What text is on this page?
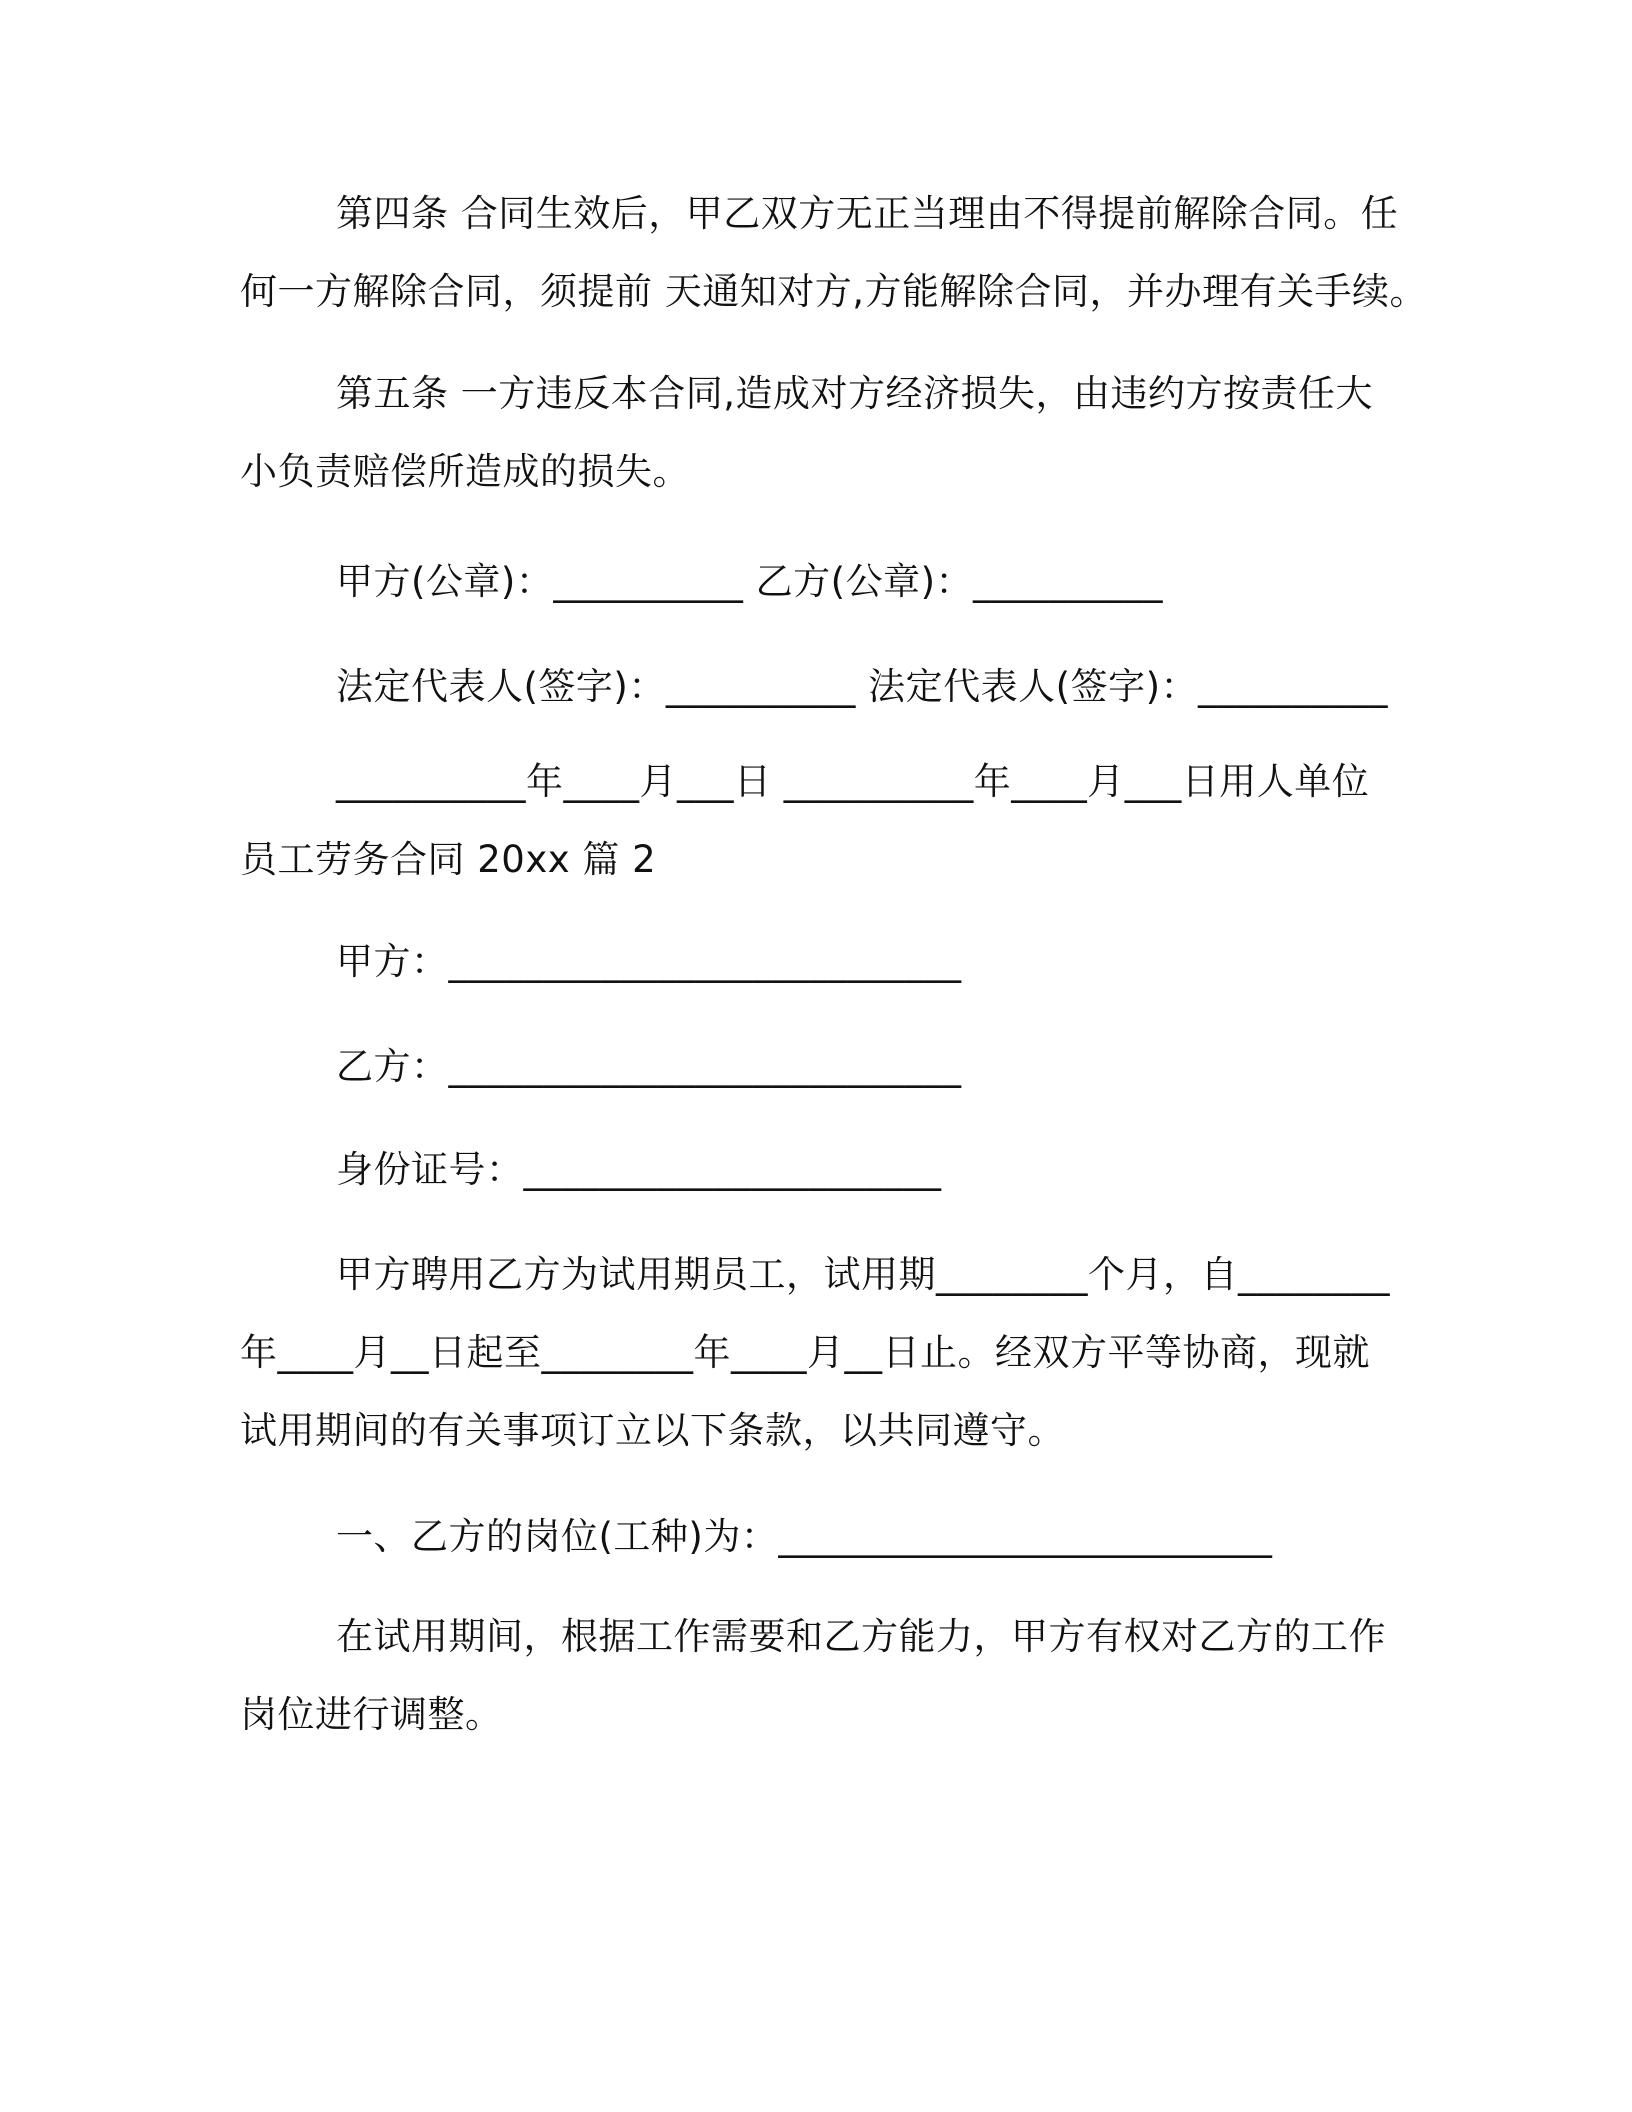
第四条 合同生效后，甲乙双方无正当理由不得提前解除合同。任
何一方解除合同，须提前 天通知对方,方能解除合同，并办理有关手续。
第五条 一方违反本合同,造成对方经济损失，由违约方按责任大
小负责赔偿所造成的损失。
甲方(公章)：__________ 乙方(公章)：__________
法定代表人(签字)：__________ 法定代表人(签字)：__________
__________年____月___日 __________年____月___日用人单位
员工劳务合同 20xx 篇 2
甲方：___________________________
乙方：___________________________
身份证号：______________________
甲方聘用乙方为试用期员工，试用期________个月，自________
年____月__日起至________年____月__日止。经双方平等协商，现就
试用期间的有关事项订立以下条款，以共同遵守。
一、乙方的岗位(工种)为：__________________________
在试用期间，根据工作需要和乙方能力，甲方有权对乙方的工作
岗位进行调整。
